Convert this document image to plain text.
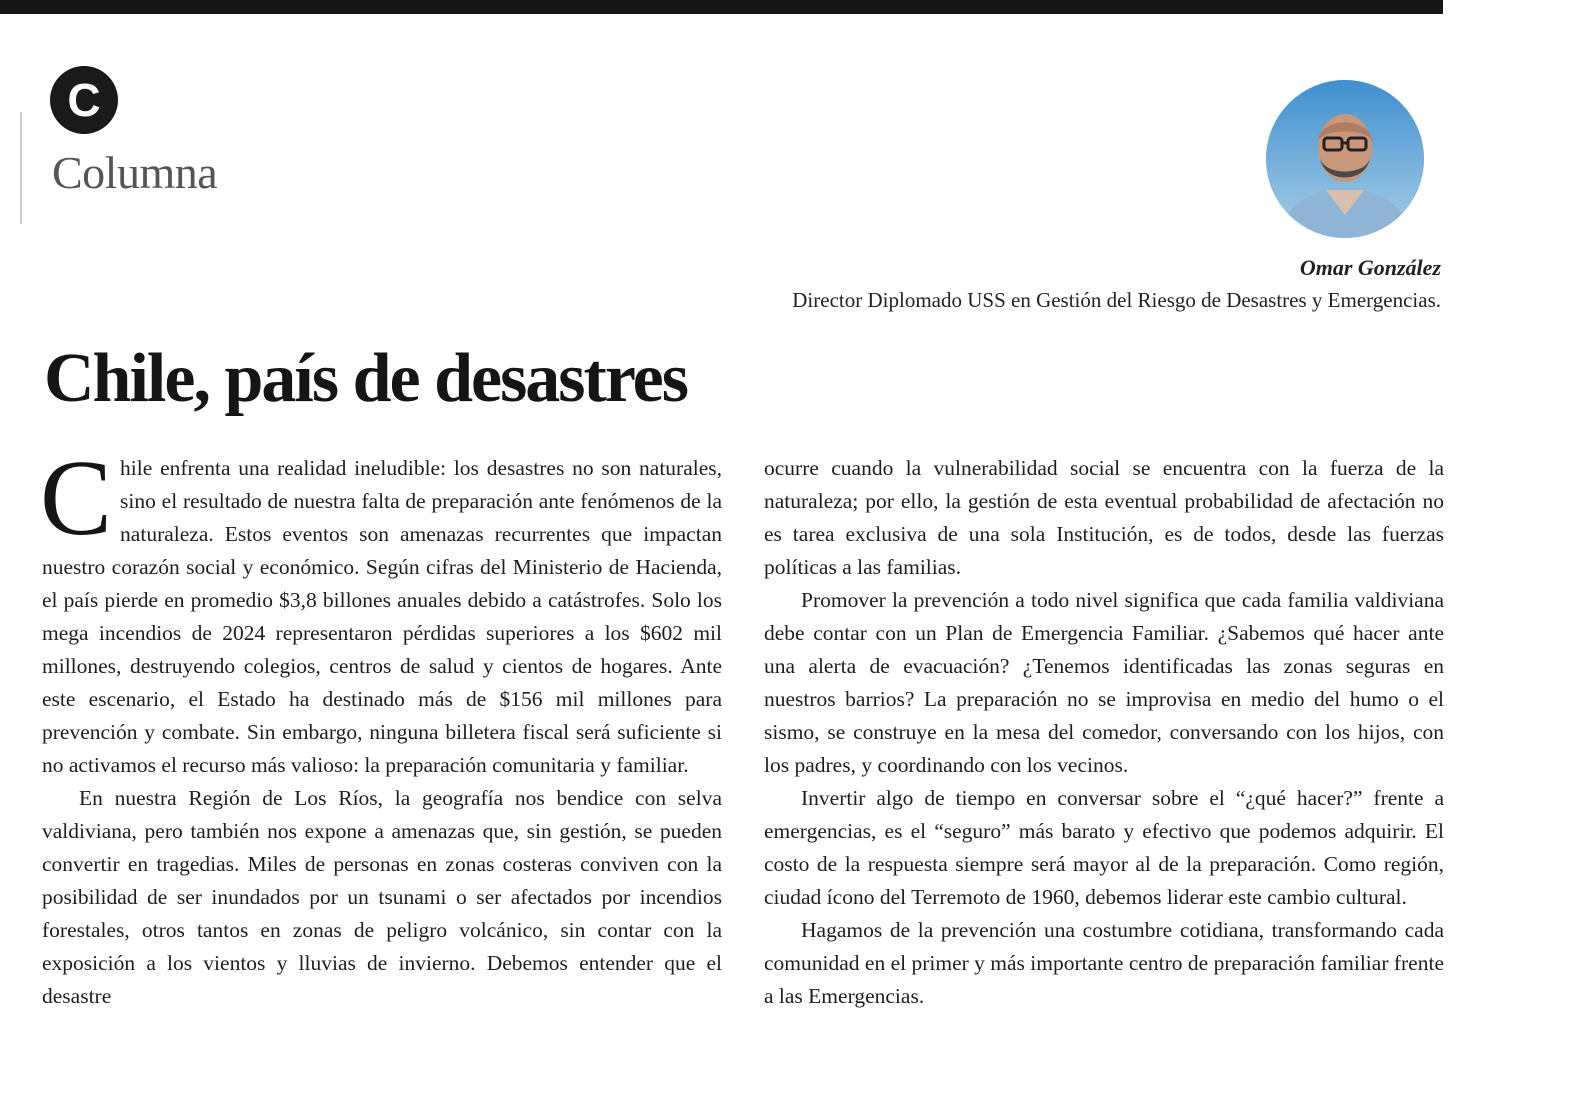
C
Columna
Omar González
Director Diplomado USS en Gestión del Riesgo de Desastres y Emergencias.
Chile, país de desastres

Chile enfrenta una realidad ineludible: los desastres no son naturales, sino el resultado de nuestra falta de preparación ante fenómenos de la naturaleza. Estos eventos son amenazas recurrentes que impactan nuestro corazón social y económico. Según cifras del Ministerio de Hacienda, el país pierde en promedio $3,8 billones anuales debido a catástrofes. Solo los mega incendios de 2024 representaron pérdidas superiores a los $602 mil millones, destruyendo colegios, centros de salud y cientos de hogares. Ante este escenario, el Estado ha destinado más de $156 mil millones para prevención y combate. Sin embargo, ninguna billetera fiscal será suficiente si no activamos el recurso más valioso: la preparación comunitaria y familiar.

En nuestra Región de Los Ríos, la geografía nos bendice con selva valdiviana, pero también nos expone a amenazas que, sin gestión, se pueden convertir en tragedias. Miles de personas en zonas costeras conviven con la posibilidad de ser inundados por un tsunami o ser afectados por incendios forestales, otros tantos en zonas de peligro volcánico, sin contar con la exposición a los vientos y lluvias de invierno. Debemos entender que el desastre

ocurre cuando la vulnerabilidad social se encuentra con la fuerza de la naturaleza; por ello, la gestión de esta eventual probabilidad de afectación no es tarea exclusiva de una sola Institución, es de todos, desde las fuerzas políticas a las familias.

Promover la prevención a todo nivel significa que cada familia valdiviana debe contar con un Plan de Emergencia Familiar. ¿Sabemos qué hacer ante una alerta de evacuación? ¿Tenemos identificadas las zonas seguras en nuestros barrios? La preparación no se improvisa en medio del humo o el sismo, se construye en la mesa del comedor, conversando con los hijos, con los padres, y coordinando con los vecinos.

Invertir algo de tiempo en conversar sobre el “¿qué hacer?” frente a emergencias, es el “seguro” más barato y efectivo que podemos adquirir. El costo de la respuesta siempre será mayor al de la preparación. Como región, ciudad ícono del Terremoto de 1960, debemos liderar este cambio cultural.

Hagamos de la prevención una costumbre cotidiana, transformando cada comunidad en el primer y más importante centro de preparación familiar frente a las Emergencias.
